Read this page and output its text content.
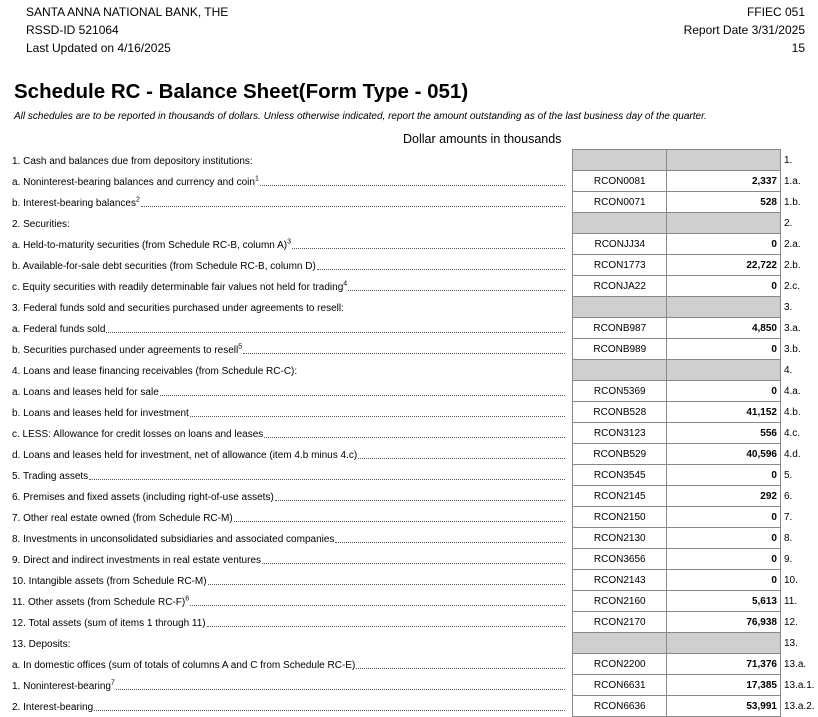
SANTA ANNA NATIONAL BANK, THE
RSSD-ID 521064
Last Updated on 4/16/2025
FFIEC 051
Report Date 3/31/2025
15
Schedule RC - Balance Sheet(Form Type - 051)
All schedules are to be reported in thousands of dollars. Unless otherwise indicated, report the amount outstanding as of the last business day of the quarter.
Dollar amounts in thousands
1. Cash and balances due from depository institutions:				1.

a. Noninterest-bearing balances and currency and coin$^1$		RCON0081	2,337	1.a.

b. Interest-bearing balances$^2$		RCON0071	528	1.b.

2. Securities:				2.

a. Held-to-maturity securities (from Schedule RC-B, column A)$^3$		RCONJJ34	0	2.a.

b. Available-for-sale debt securities (from Schedule RC-B, column D)		RCON1773	22,722	2.b.

c. Equity securities with readily determinable fair values not held for trading$^4$		RCONJA22	0	2.c.

3. Federal funds sold and securities purchased under agreements to resell:				3.

a. Federal funds sold		RCONB987	4,850	3.a.

b. Securities purchased under agreements to resell$^5$		RCONB989	0	3.b.

4. Loans and lease financing receivables (from Schedule RC-C):				4.

a. Loans and leases held for sale		RCON5369	0	4.a.

b. Loans and leases held for investment		RCONB528	41,152	4.b.

c. LESS: Allowance for credit losses on loans and leases		RCON3123	556	4.c.

d. Loans and leases held for investment, net of allowance (item 4.b minus 4.c)		RCONB529	40,596	4.d.

5. Trading assets		RCON3545	0	5.

6. Premises and fixed assets (including right-of-use assets)		RCON2145	292	6.

7. Other real estate owned (from Schedule RC-M)		RCON2150	0	7.

8. Investments in unconsolidated subsidiaries and associated companies		RCON2130	0	8.

9. Direct and indirect investments in real estate ventures		RCON3656	0	9.

10. Intangible assets (from Schedule RC-M)		RCON2143	0	10.

11. Other assets (from Schedule RC-F)$^6$		RCON2160	5,613	11.

12. Total assets (sum of items 1 through 11)		RCON2170	76,938	12.

13. Deposits:				13.

a. In domestic offices (sum of totals of columns A and C from Schedule RC-E)		RCON2200	71,376	13.a.

1. Noninterest-bearing$^7$		RCON6631	17,385	13.a.1.

2. Interest-bearing		RCON6636	53,991	13.a.2.
